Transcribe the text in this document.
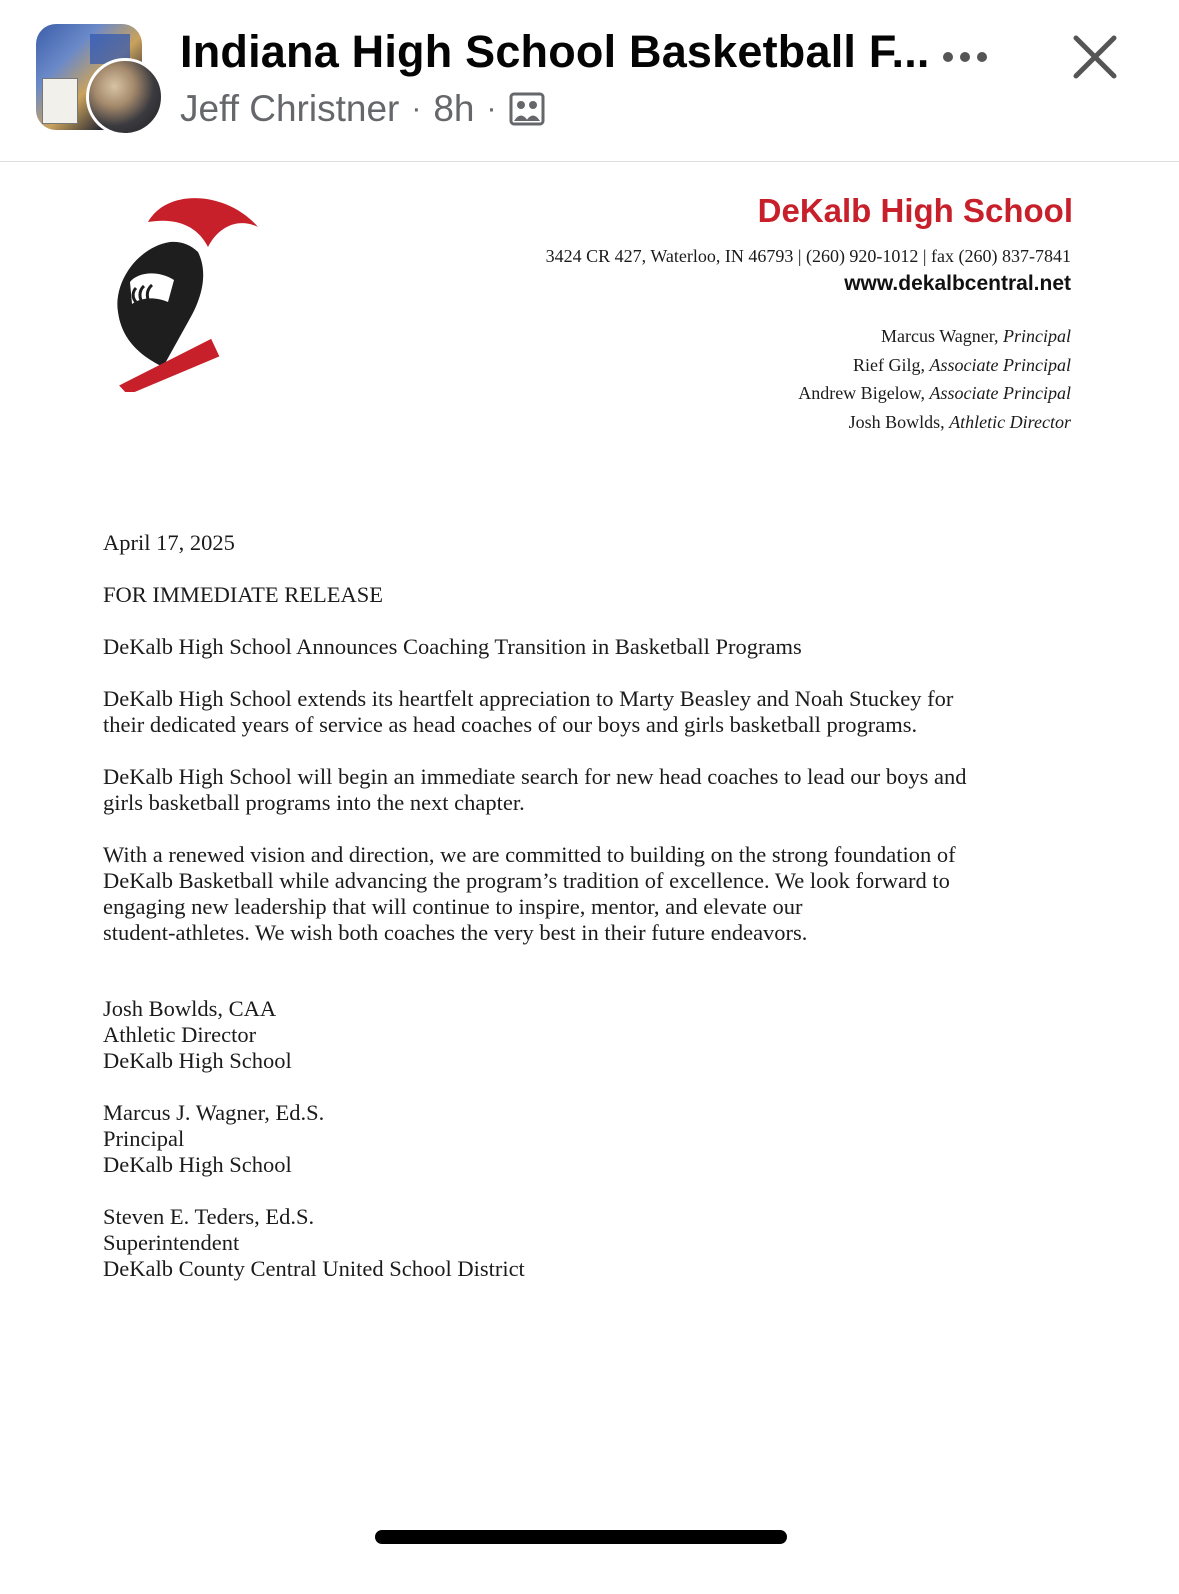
Indiana High School Basketball F...
Jeff Christner · 8h ·
DeKalb High School
3424 CR 427, Waterloo, IN 46793 | (260) 920-1012 | fax (260) 837-7841
www.dekalbcentral.net
Marcus Wagner, Principal
Rief Gilg, Associate Principal
Andrew Bigelow, Associate Principal
Josh Bowlds, Athletic Director
April 17, 2025
FOR IMMEDIATE RELEASE
DeKalb High School Announces Coaching Transition in Basketball Programs
DeKalb High School extends its heartfelt appreciation to Marty Beasley and Noah Stuckey for
their dedicated years of service as head coaches of our boys and girls basketball programs.
DeKalb High School will begin an immediate search for new head coaches to lead our boys and
girls basketball programs into the next chapter.
With a renewed vision and direction, we are committed to building on the strong foundation of
DeKalb Basketball while advancing the program’s tradition of excellence. We look forward to
engaging new leadership that will continue to inspire, mentor, and elevate our
student-athletes. We wish both coaches the very best in their future endeavors.
Josh Bowlds, CAA
Athletic Director
DeKalb High School
Marcus J. Wagner, Ed.S.
Principal
DeKalb High School
Steven E. Teders, Ed.S.
Superintendent
DeKalb County Central United School District
